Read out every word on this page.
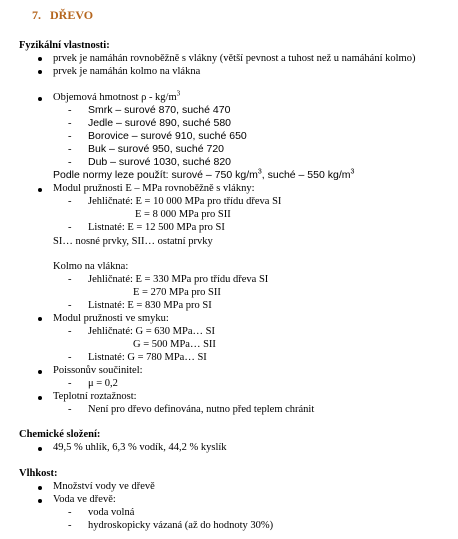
7. DŘEVO
Fyzikální vlastnosti:
prvek je namáhán rovnoběžně s vlákny (větší pevnost a tuhost než u namáhání kolmo)
prvek je namáhán kolmo na vlákna
Objemová hmotnost ρ - $kg/m^3$
- Smrk – surové 870, suché 470
- Jedle – surové 890, suché 580
- Borovice – surové 910, suché 650
- Buk – surové 950, suché 720
- Dub – surové 1030, suché 820
Podle normy leze použít: surové – 750 $kg/m^3$, suché – 550 $kg/m^3$
Modul pružnosti E – MPa rovnoběžně s vlákny:
- Jehličnaté: E = 10 000 MPa pro třídu dřeva SI
E = 8 000 MPa pro SII
- Listnaté: E = 12 500 MPa pro SI
SI… nosné prvky, SII… ostatní prvky
Kolmo na vlákna:
- Jehličnaté: E = 330 MPa pro třídu dřeva SI
E = 270 MPa pro SII
- Listnaté: E = 830 MPa pro SI
Modul pružnosti ve smyku:
- Jehličnaté: G = 630 MPa… SI
G = 500 MPa… SII
- Listnaté: G = 780 MPa… SI
Poissonův součinitel:
- μ = 0,2
Teplotní roztažnost:
- Není pro dřevo definována, nutno před teplem chránit
Chemické složení:
49,5 % uhlík, 6,3 % vodík, 44,2 % kyslík
Vlhkost:
Množství vody ve dřevě
Voda ve dřevě:
- voda volná
- hydroskopicky vázaná (až do hodnoty 30%)
